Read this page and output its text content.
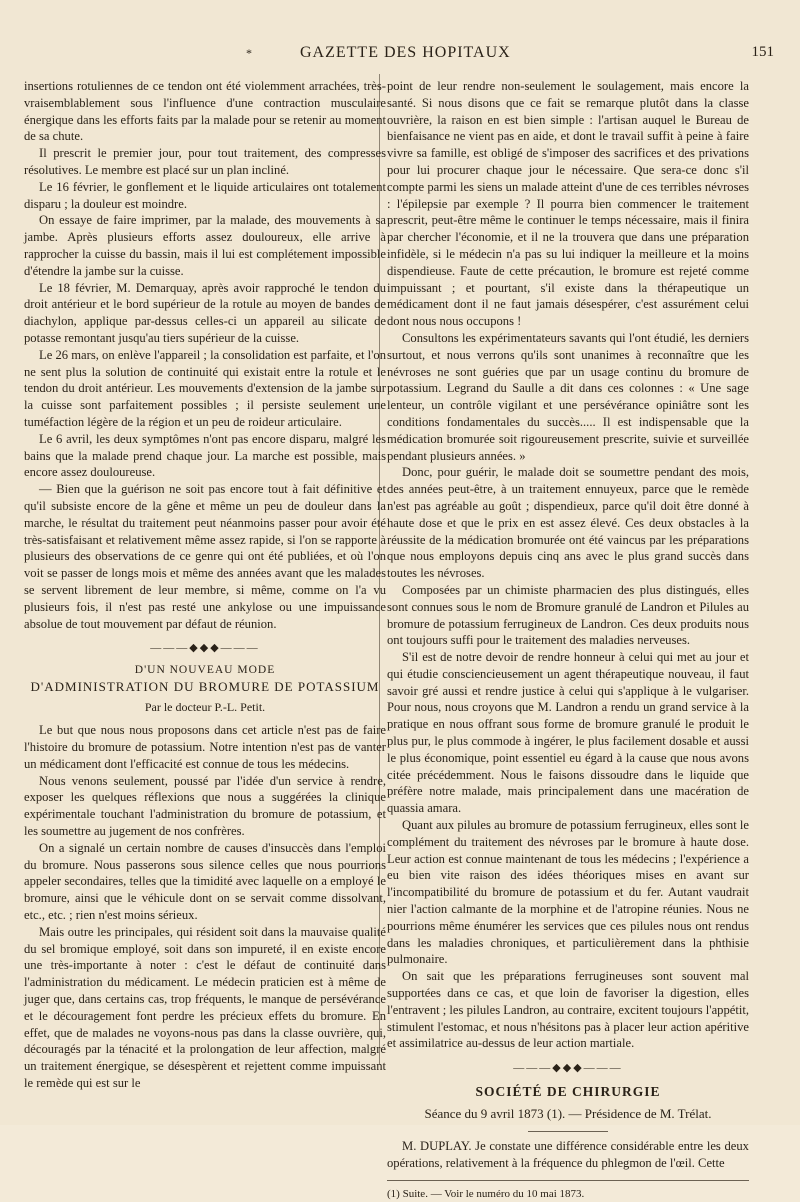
*	GAZETTE DES HOPITAUX	151

insertions rotuliennes de ce tendon ont été violemment arrachées, très-vraisemblablement sous l'influence d'une contraction musculaire énergique dans les efforts faits par la malade pour se retenir au moment de sa chute.

Il prescrit le premier jour, pour tout traitement, des compresses résolutives. Le membre est placé sur un plan incliné.

Le 16 février, le gonflement et le liquide articulaires ont totalement disparu ; la douleur est moindre.

On essaye de faire imprimer, par la malade, des mouvements à sa jambe. Après plusieurs efforts assez douloureux, elle arrive à rapprocher la cuisse du bassin, mais il lui est complétement impossible d'étendre la jambe sur la cuisse.

Le 18 février, M. Demarquay, après avoir rapproché le tendon du droit antérieur et le bord supérieur de la rotule au moyen de bandes de diachylon, applique par-dessus celles-ci un appareil au silicate de potasse remontant jusqu'au tiers supérieur de la cuisse.

Le 26 mars, on enlève l'appareil ; la consolidation est parfaite, et l'on ne sent plus la solution de continuité qui existait entre la rotule et le tendon du droit antérieur. Les mouvements d'extension de la jambe sur la cuisse sont parfaitement possibles ; il persiste seulement une tuméfaction légère de la région et un peu de roideur articulaire.

Le 6 avril, les deux symptômes n'ont pas encore disparu, malgré les bains que la malade prend chaque jour. La marche est possible, mais encore assez douloureuse.

— Bien que la guérison ne soit pas encore tout à fait définitive et qu'il subsiste encore de la gêne et même un peu de douleur dans la marche, le résultat du traitement peut néanmoins passer pour avoir été très-satisfaisant et relativement même assez rapide, si l'on se rapporte à plusieurs des observations de ce genre qui ont été publiées, et où l'on voit se passer de longs mois et même des années avant que les malades se servent librement de leur membre, si même, comme on l'a vu plusieurs fois, il n'est pas resté une ankylose ou une impuissance absolue de tout mouvement par défaut de réunion.

———◆◆◆———

D'UN NOUVEAU MODE

D'ADMINISTRATION DU BROMURE DE POTASSIUM

Par le docteur P.-L. Petit.

Le but que nous nous proposons dans cet article n'est pas de faire l'histoire du bromure de potassium. Notre intention n'est pas de vanter un médicament dont l'efficacité est connue de tous les médecins.

Nous venons seulement, poussé par l'idée d'un service à rendre, exposer les quelques réflexions que nous a suggérées la clinique expérimentale touchant l'administration du bromure de potassium, et les soumettre au jugement de nos confrères.

On a signalé un certain nombre de causes d'insuccès dans l'emploi du bromure. Nous passerons sous silence celles que nous pourrions appeler secondaires, telles que la timidité avec laquelle on a employé le bromure, ainsi que le véhicule dont on se servait comme dissolvant, etc., etc. ; rien n'est moins sérieux.

Mais outre les principales, qui résident soit dans la mauvaise qualité du sel bromique employé, soit dans son impureté, il en existe encore une très-importante à noter : c'est le défaut de continuité dans l'administration du médicament. Le médecin praticien est à même de juger que, dans certains cas, trop fréquents, le manque de persévérance et le découragement font perdre les précieux effets du bromure. En effet, que de malades ne voyons-nous pas dans la classe ouvrière, qui, découragés par la ténacité et la prolongation de leur affection, malgré un traitement énergique, se désespèrent et rejettent comme impuissant le remède qui est sur le

point de leur rendre non-seulement le soulagement, mais encore la santé. Si nous disons que ce fait se remarque plutôt dans la classe ouvrière, la raison en est bien simple : l'artisan auquel le Bureau de bienfaisance ne vient pas en aide, et dont le travail suffit à peine à faire vivre sa famille, est obligé de s'imposer des sacrifices et des privations pour lui procurer chaque jour le nécessaire. Que sera-ce donc s'il compte parmi les siens un malade atteint d'une de ces terribles névroses : l'épilepsie par exemple ? Il pourra bien commencer le traitement prescrit, peut-être même le continuer le temps nécessaire, mais il finira par chercher l'économie, et il ne la trouvera que dans une préparation infidèle, si le médecin n'a pas su lui indiquer la meilleure et la moins dispendieuse. Faute de cette précaution, le bromure est rejeté comme impuissant ; et pourtant, s'il existe dans la thérapeutique un médicament dont il ne faut jamais désespérer, c'est assurément celui dont nous nous occupons !

Consultons les expérimentateurs savants qui l'ont étudié, les derniers surtout, et nous verrons qu'ils sont unanimes à reconnaître que les névroses ne sont guéries que par un usage continu du bromure de potassium. Legrand du Saulle a dit dans ces colonnes : « Une sage lenteur, un contrôle vigilant et une persévérance opiniâtre sont les conditions fondamentales du succès..... Il est indispensable que la médication bromurée soit rigoureusement prescrite, suivie et surveillée pendant plusieurs années. »

Donc, pour guérir, le malade doit se soumettre pendant des mois, des années peut-être, à un traitement ennuyeux, parce que le remède n'est pas agréable au goût ; dispendieux, parce qu'il doit être donné à haute dose et que le prix en est assez élevé. Ces deux obstacles à la réussite de la médication bromurée ont été vaincus par les préparations que nous employons depuis cinq ans avec le plus grand succès dans toutes les névroses.

Composées par un chimiste pharmacien des plus distingués, elles sont connues sous le nom de Bromure granulé de Landron et Pilules au bromure de potassium ferrugineux de Landron. Ces deux produits nous ont toujours suffi pour le traitement des maladies nerveuses.

S'il est de notre devoir de rendre honneur à celui qui met au jour et qui étudie consciencieusement un agent thérapeutique nouveau, il faut savoir gré aussi et rendre justice à celui qui s'applique à le vulgariser. Pour nous, nous croyons que M. Landron a rendu un grand service à la pratique en nous offrant sous forme de bromure granulé le produit le plus pur, le plus commode à ingérer, le plus facilement dosable et aussi le plus économique, point essentiel eu égard à la cause que nous avons citée précédemment. Nous le faisons dissoudre dans le liquide que préfère notre malade, mais principalement dans une macération de quassia amara.

Quant aux pilules au bromure de potassium ferrugineux, elles sont le complément du traitement des névroses par le bromure à haute dose. Leur action est connue maintenant de tous les médecins ; l'expérience a eu bien vite raison des idées théoriques mises en avant sur l'incompatibilité du bromure de potassium et du fer. Autant vaudrait nier l'action calmante de la morphine et de l'atropine réunies. Nous ne pourrions même énumérer les services que ces pilules nous ont rendus dans les maladies chroniques, et particulièrement dans la phthisie pulmonaire.

On sait que les préparations ferrugineuses sont souvent mal supportées dans ce cas, et que loin de favoriser la digestion, elles l'entravent ; les pilules Landron, au contraire, excitent toujours l'appétit, stimulent l'estomac, et nous n'hésitons pas à placer leur action apéritive et assimilatrice au-dessus de leur action martiale.

———◆◆◆———

SOCIÉTÉ DE CHIRURGIE

Séance du 9 avril 1873 (1). — Présidence de M. Trélat.

M. DUPLAY. Je constate une différence considérable entre les deux opérations, relativement à la fréquence du phlegmon de l'œil. Cette

(1) Suite. — Voir le numéro du 10 mai 1873.
